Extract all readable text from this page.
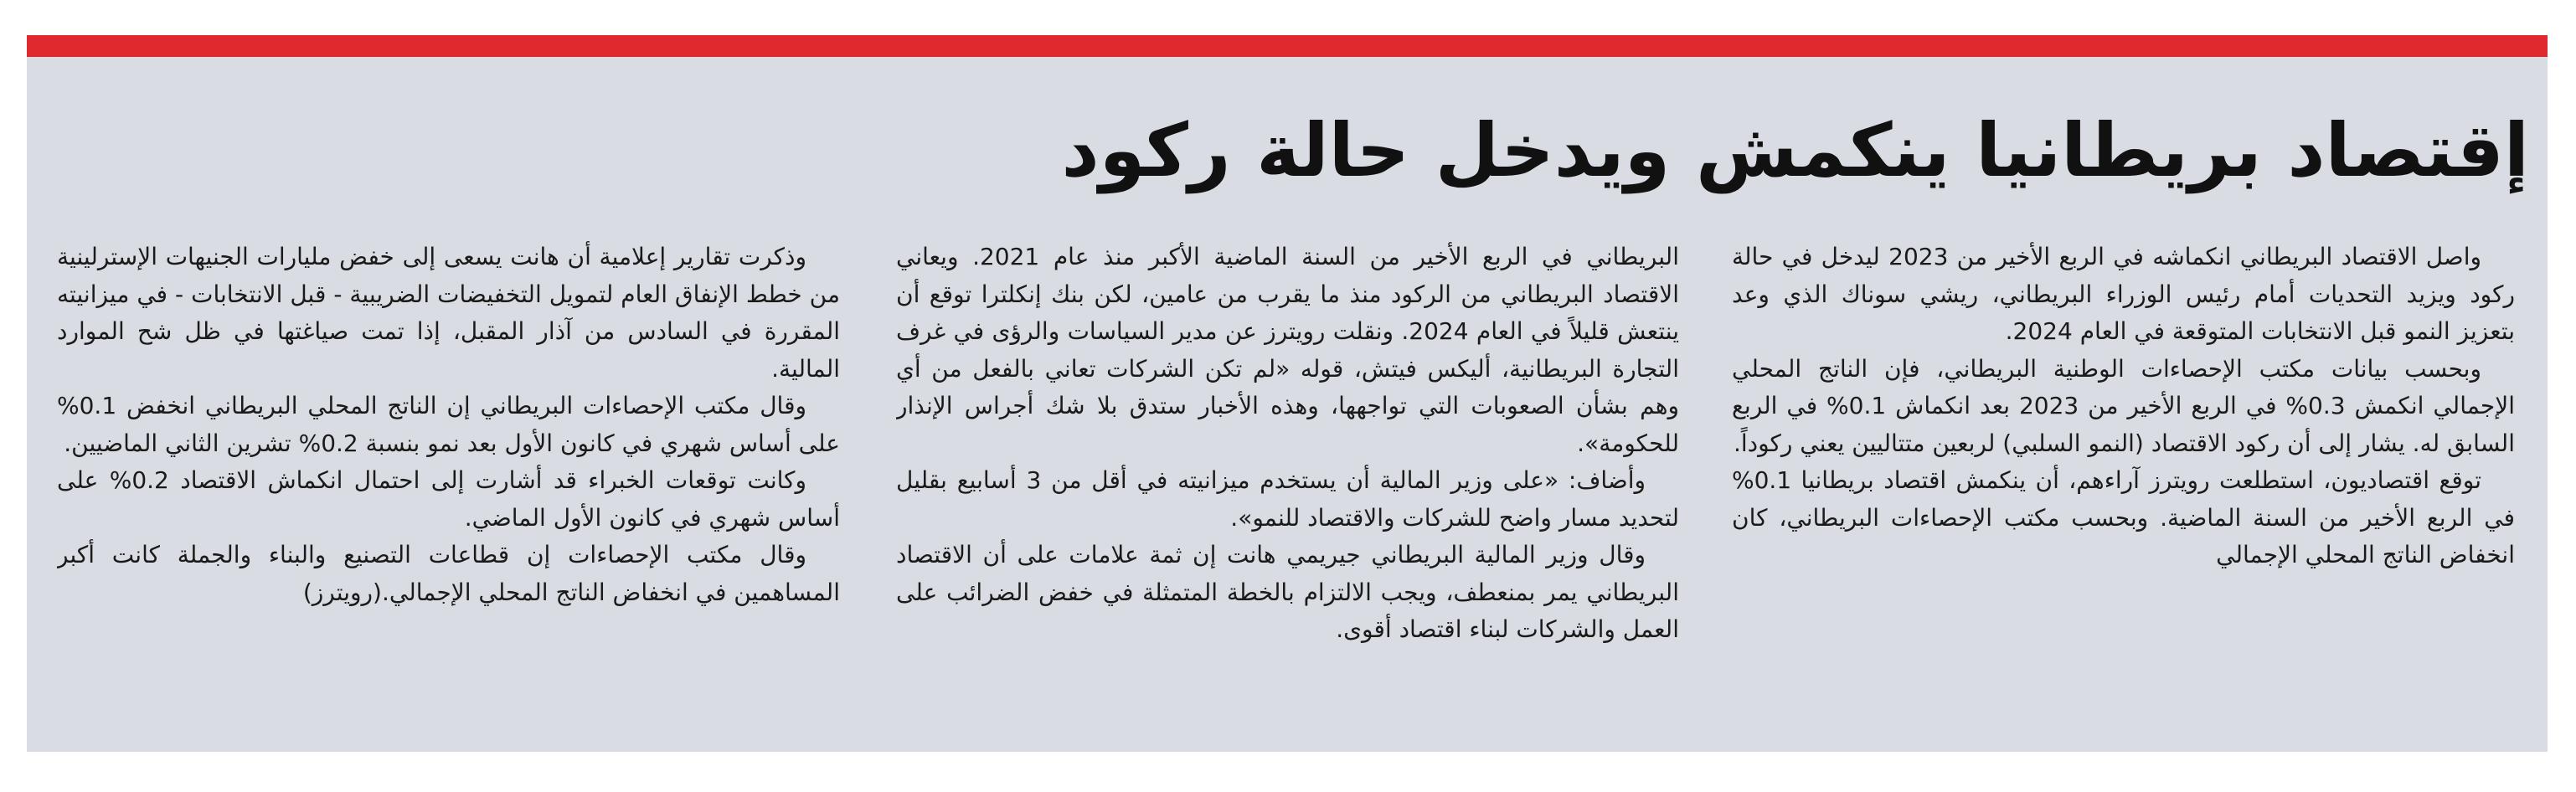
إقتصاد بريطانيا ينكمش ويدخل حالة ركود

واصل الاقتصاد البريطاني انكماشه في الربع الأخير من 2023 ليدخل في حالة ركود ويزيد التحديات أمام رئيس الوزراء البريطاني، ريشي سوناك الذي وعد بتعزيز النمو قبل الانتخابات المتوقعة في العام 2024.

وبحسب بيانات مكتب الإحصاءات الوطنية البريطاني، فإن الناتج المحلي الإجمالي انكمش 0.3% في الربع الأخير من 2023 بعد انكماش 0.1% في الربع السابق له. يشار إلى أن ركود الاقتصاد (النمو السلبي) لربعين متتاليين يعني ركوداً.

توقع اقتصاديون، استطلعت رويترز آراءهم، أن ينكمش اقتصاد بريطانيا 0.1% في الربع الأخير من السنة الماضية. وبحسب مكتب الإحصاءات البريطاني، كان انخفاض الناتج المحلي الإجمالي

البريطاني في الربع الأخير من السنة الماضية الأكبر منذ عام 2021. ويعاني الاقتصاد البريطاني من الركود منذ ما يقرب من عامين، لكن بنك إنكلترا توقع أن ينتعش قليلاً في العام 2024. ونقلت رويترز عن مدير السياسات والرؤى في غرف التجارة البريطانية، أليكس فيتش، قوله «لم تكن الشركات تعاني بالفعل من أي وهم بشأن الصعوبات التي تواجهها، وهذه الأخبار ستدق بلا شك أجراس الإنذار للحكومة».

وأضاف: «على وزير المالية أن يستخدم ميزانيته في أقل من 3 أسابيع بقليل لتحديد مسار واضح للشركات والاقتصاد للنمو».

وقال وزير المالية البريطاني جيريمي هانت إن ثمة علامات على أن الاقتصاد البريطاني يمر بمنعطف، ويجب الالتزام بالخطة المتمثلة في خفض الضرائب على العمل والشركات لبناء اقتصاد أقوى.

وذكرت تقارير إعلامية أن هانت يسعى إلى خفض مليارات الجنيهات الإسترلينية من خطط الإنفاق العام لتمويل التخفيضات الضريبية - قبل الانتخابات - في ميزانيته المقررة في السادس من آذار المقبل، إذا تمت صياغتها في ظل شح الموارد المالية.

وقال مكتب الإحصاءات البريطاني إن الناتج المحلي البريطاني انخفض 0.1% على أساس شهري في كانون الأول بعد نمو بنسبة 0.2% تشرين الثاني الماضيين.

وكانت توقعات الخبراء قد أشارت إلى احتمال انكماش الاقتصاد 0.2% على أساس شهري في كانون الأول الماضي.

وقال مكتب الإحصاءات إن قطاعات التصنيع والبناء والجملة كانت أكبر المساهمين في انخفاض الناتج المحلي الإجمالي.(رويترز)
